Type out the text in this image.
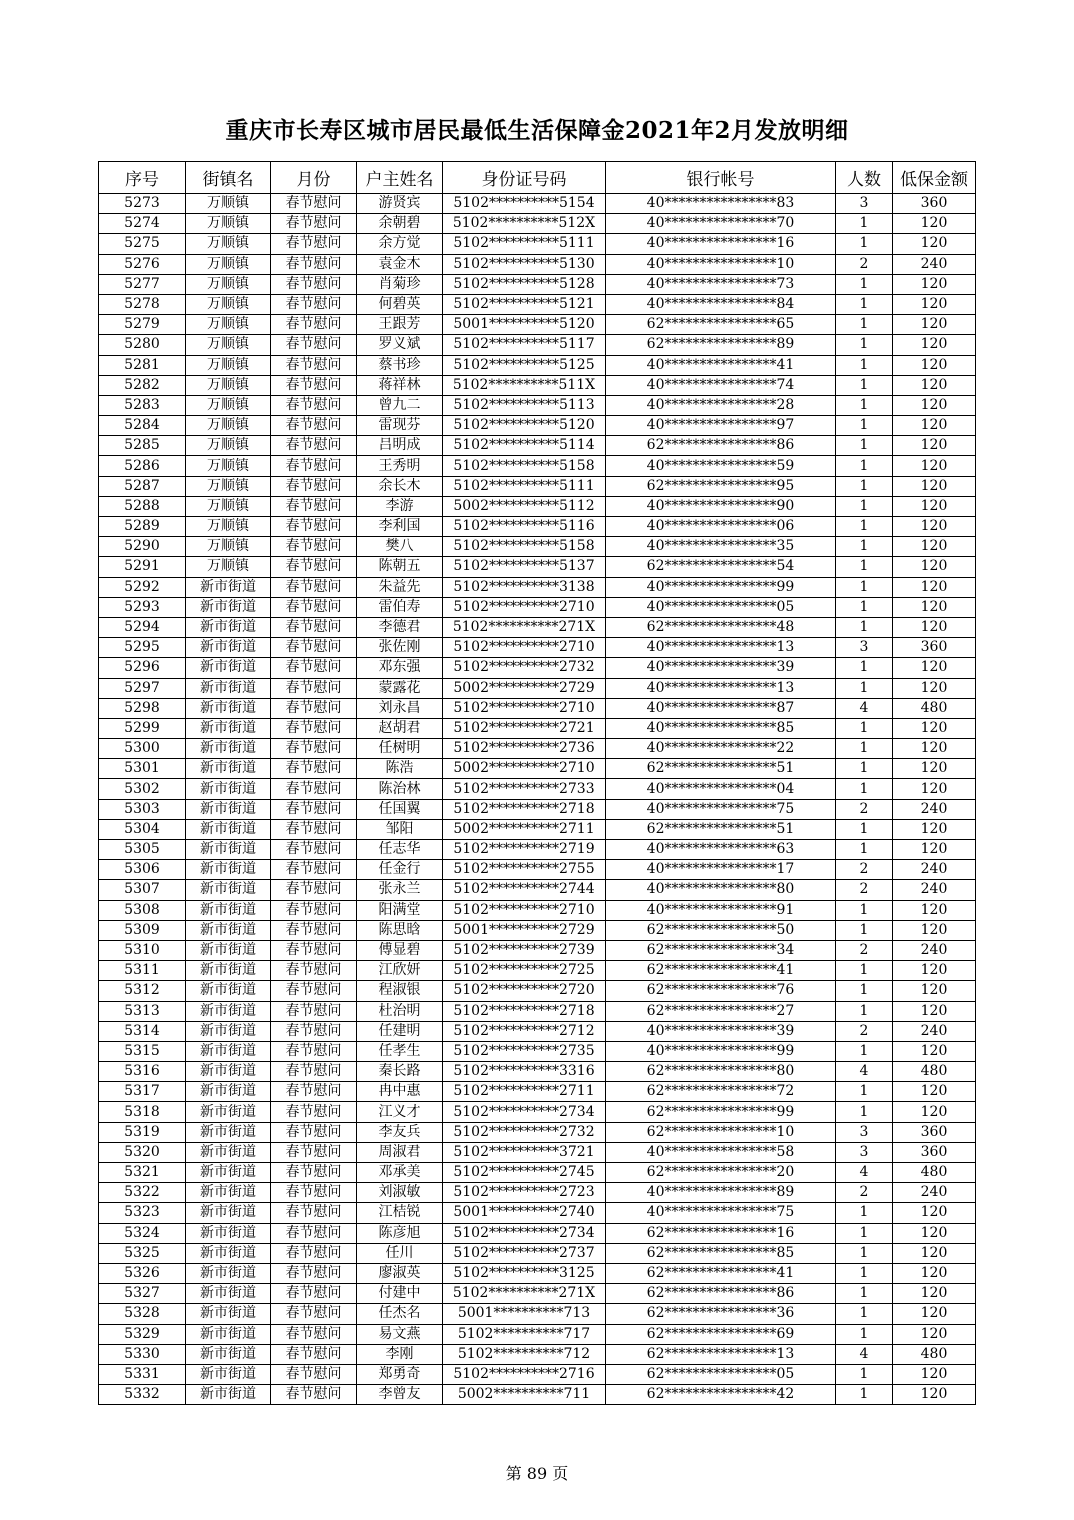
重庆市长寿区城市居民最低生活保障金2021年2月发放明细
序号	街镇名	月份	户主姓名	身份证号码	银行帐号	人数	低保金额
5273	万顺镇	春节慰问	游贤宾	5102**********5154	40****************83	3	360
5274	万顺镇	春节慰问	余朝碧	5102**********512X	40****************70	1	120
5275	万顺镇	春节慰问	余方觉	5102**********5111	40****************16	1	120
5276	万顺镇	春节慰问	袁金木	5102**********5130	40****************10	2	240
5277	万顺镇	春节慰问	肖菊珍	5102**********5128	40****************73	1	120
5278	万顺镇	春节慰问	何碧英	5102**********5121	40****************84	1	120
5279	万顺镇	春节慰问	王跟芳	5001**********5120	62****************65	1	120
5280	万顺镇	春节慰问	罗义斌	5102**********5117	62****************89	1	120
5281	万顺镇	春节慰问	蔡书珍	5102**********5125	40****************41	1	120
5282	万顺镇	春节慰问	蒋祥林	5102**********511X	40****************74	1	120
5283	万顺镇	春节慰问	曾九二	5102**********5113	40****************28	1	120
5284	万顺镇	春节慰问	雷现芬	5102**********5120	40****************97	1	120
5285	万顺镇	春节慰问	吕明成	5102**********5114	62****************86	1	120
5286	万顺镇	春节慰问	王秀明	5102**********5158	40****************59	1	120
5287	万顺镇	春节慰问	余长木	5102**********5111	62****************95	1	120
5288	万顺镇	春节慰问	李游	5002**********5112	40****************90	1	120
5289	万顺镇	春节慰问	李利国	5102**********5116	40****************06	1	120
5290	万顺镇	春节慰问	樊八	5102**********5158	40****************35	1	120
5291	万顺镇	春节慰问	陈朝五	5102**********5137	62****************54	1	120
5292	新市街道	春节慰问	朱益先	5102**********3138	40****************99	1	120
5293	新市街道	春节慰问	雷伯寿	5102**********2710	40****************05	1	120
5294	新市街道	春节慰问	李德君	5102**********271X	62****************48	1	120
5295	新市街道	春节慰问	张佐刚	5102**********2710	40****************13	3	360
5296	新市街道	春节慰问	邓东强	5102**********2732	40****************39	1	120
5297	新市街道	春节慰问	蒙露花	5002**********2729	40****************13	1	120
5298	新市街道	春节慰问	刘永昌	5102**********2710	40****************87	4	480
5299	新市街道	春节慰问	赵胡君	5102**********2721	40****************85	1	120
5300	新市街道	春节慰问	任树明	5102**********2736	40****************22	1	120
5301	新市街道	春节慰问	陈浩	5002**********2710	62****************51	1	120
5302	新市街道	春节慰问	陈治林	5102**********2733	40****************04	1	120
5303	新市街道	春节慰问	任国翼	5102**********2718	40****************75	2	240
5304	新市街道	春节慰问	邹阳	5002**********2711	62****************51	1	120
5305	新市街道	春节慰问	任志华	5102**********2719	40****************63	1	120
5306	新市街道	春节慰问	任金行	5102**********2755	40****************17	2	240
5307	新市街道	春节慰问	张永兰	5102**********2744	40****************80	2	240
5308	新市街道	春节慰问	阳满堂	5102**********2710	40****************91	1	120
5309	新市街道	春节慰问	陈思晗	5001**********2729	62****************50	1	120
5310	新市街道	春节慰问	傅显碧	5102**********2739	62****************34	2	240
5311	新市街道	春节慰问	江欣妍	5102**********2725	62****************41	1	120
5312	新市街道	春节慰问	程淑银	5102**********2720	62****************76	1	120
5313	新市街道	春节慰问	杜治明	5102**********2718	62****************27	1	120
5314	新市街道	春节慰问	任建明	5102**********2712	40****************39	2	240
5315	新市街道	春节慰问	任孝生	5102**********2735	40****************99	1	120
5316	新市街道	春节慰问	秦长路	5102**********3316	62****************80	4	480
5317	新市街道	春节慰问	冉中惠	5102**********2711	62****************72	1	120
5318	新市街道	春节慰问	江义才	5102**********2734	62****************99	1	120
5319	新市街道	春节慰问	李友兵	5102**********2732	62****************10	3	360
5320	新市街道	春节慰问	周淑君	5102**********3721	40****************58	3	360
5321	新市街道	春节慰问	邓承美	5102**********2745	62****************20	4	480
5322	新市街道	春节慰问	刘淑敏	5102**********2723	40****************89	2	240
5323	新市街道	春节慰问	江桔锐	5001**********2740	40****************75	1	120
5324	新市街道	春节慰问	陈彦旭	5102**********2734	62****************16	1	120
5325	新市街道	春节慰问	任川	5102**********2737	62****************85	1	120
5326	新市街道	春节慰问	廖淑英	5102**********3125	62****************41	1	120
5327	新市街道	春节慰问	付建中	5102**********271X	62****************86	1	120
5328	新市街道	春节慰问	任杰名	5001**********713	62****************36	1	120
5329	新市街道	春节慰问	易文燕	5102**********717	62****************69	1	120
5330	新市街道	春节慰问	李刚	5102**********712	62****************13	4	480
5331	新市街道	春节慰问	郑勇奇	5102**********2716	62****************05	1	120
5332	新市街道	春节慰问	李曾友	5002**********711	62****************42	1	120
第 89 页
